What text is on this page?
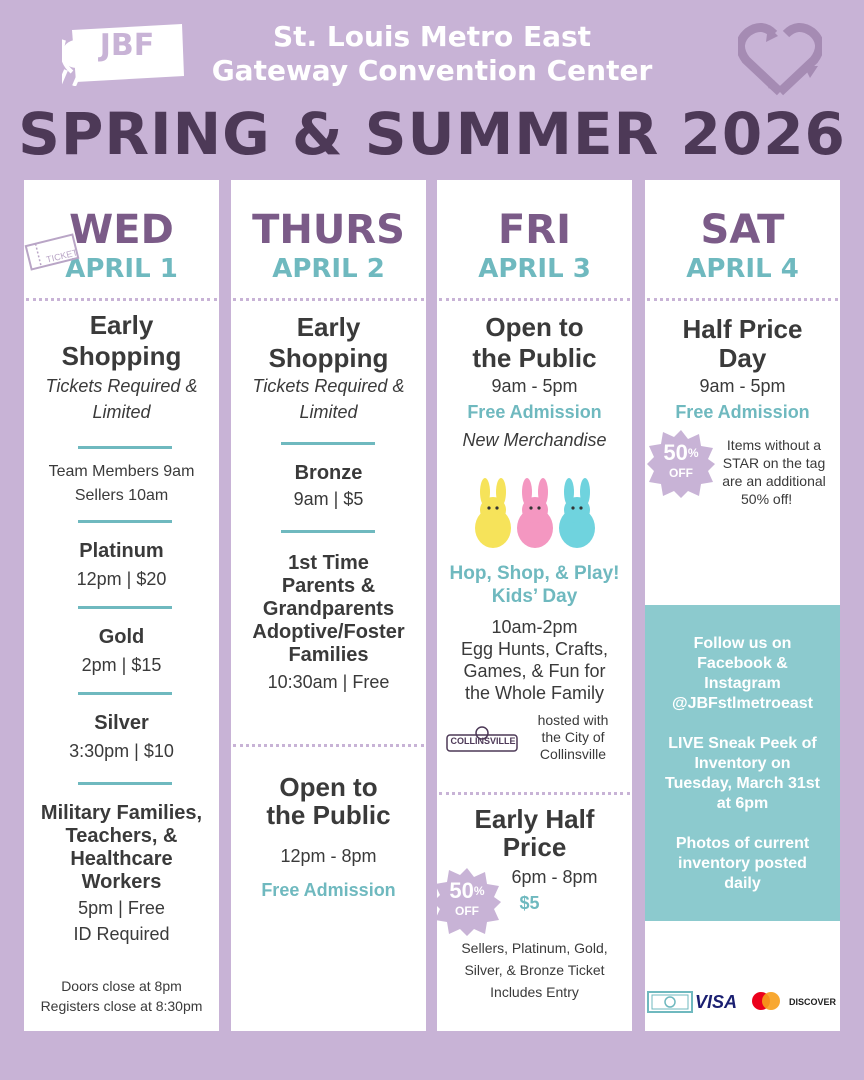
JBF	St. Louis Metro East
Gateway Convention Center
SPRING & SUMMER 2026
WED
APRIL 1
TICKET
Early
Shopping
Tickets Required &
Limited
Team Members 9am
Sellers 10am
Platinum
12pm | $20
Gold
2pm | $15
Silver
3:30pm | $10
Military Families,
Teachers, &
Healthcare
Workers
5pm | Free
ID Required
Doors close at 8pm
Registers close at 8:30pm
THURS
APRIL 2
Early
Shopping
Tickets Required &
Limited
Bronze
9am | $5
1st Time
Parents &
Grandparents
Adoptive/Foster
Families
10:30am | Free
Open to
the Public
12pm - 8pm
Free Admission
FRI
APRIL 3
Open to
the Public
9am - 5pm
Free Admission
New Merchandise
Hop, Shop, & Play!
Kids’ Day
10am-2pm
Egg Hunts, Crafts,
Games, & Fun for
the Whole Family
COLLINSVILLE
hosted with
the City of
Collinsville
Early Half
Price
6pm - 8pm
$5
50%
OFF
Sellers, Platinum, Gold,
Silver, & Bronze Ticket
Includes Entry
SAT
APRIL 4
Half Price
Day
9am - 5pm
Free Admission
50%
OFF
Items without a
STAR on the tag
are an additional
50% off!
Follow us on
Facebook &
Instagram
@JBFstlmetroeast
LIVE Sneak Peek of
Inventory on
Tuesday, March 31st
at 6pm
Photos of current
inventory posted
daily
VISA	DISCOVER
